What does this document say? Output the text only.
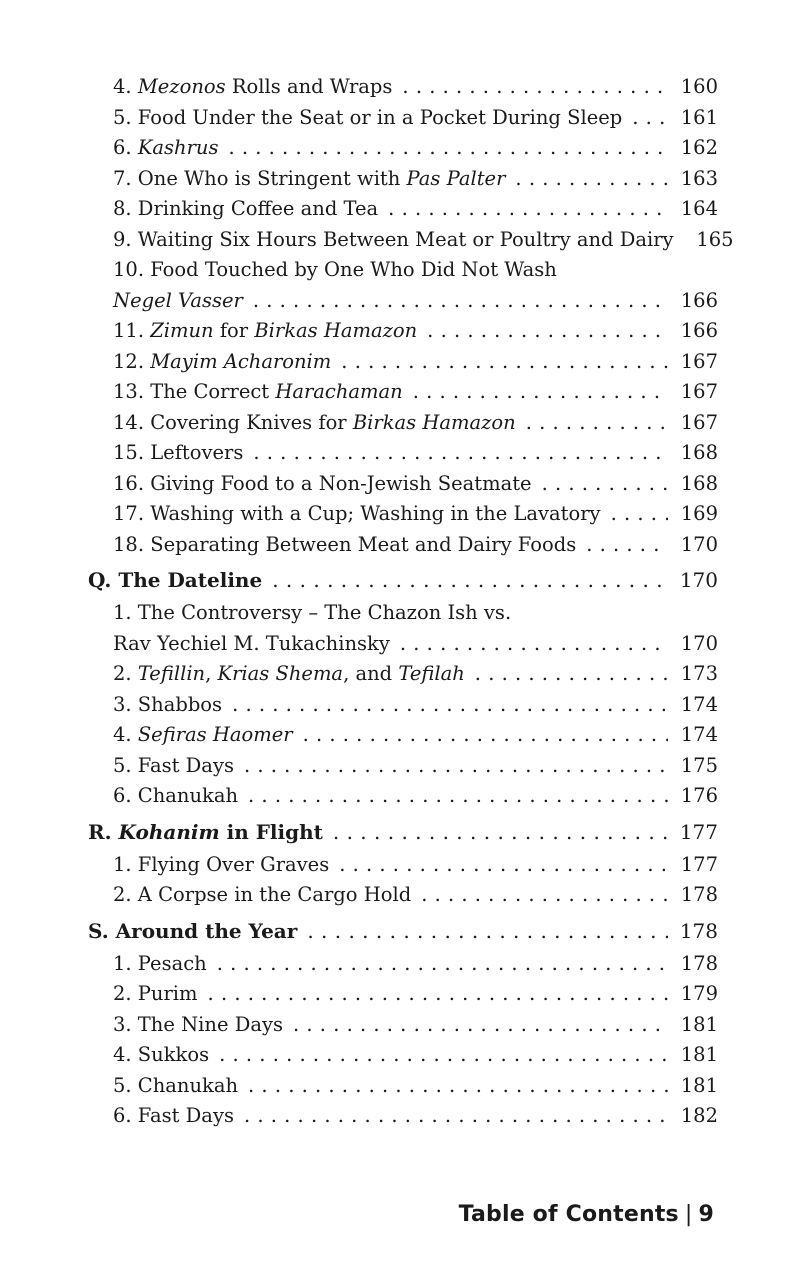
4. Mezonos Rolls and Wraps . . .	160
5. Food Under the Seat or in a Pocket During Sleep . . .	161
6. Kashrus . . .	162
7. One Who is Stringent with Pas Palter . . .	163
8. Drinking Coffee and Tea . . .	164
9. Waiting Six Hours Between Meat or Poultry and Dairy 165
10. Food Touched by One Who Did Not Wash
Negel Vasser . . .	166
11. Zimun for Birkas Hamazon . . .	166
12. Mayim Acharonim . . .	167
13. The Correct Harachaman . . .	167
14. Covering Knives for Birkas Hamazon . . .	167
15. Leftovers . . .	168
16. Giving Food to a Non-Jewish Seatmate . . .	168
17. Washing with a Cup; Washing in the Lavatory . . .	169
18. Separating Between Meat and Dairy Foods . . .	170
Q. The Dateline . . .	170
1. The Controversy – The Chazon Ish vs.
Rav Yechiel M. Tukachinsky . . .	170
2. Tefillin, Krias Shema, and Tefilah . . .	173
3. Shabbos . . .	174
4. Sefiras Haomer . . .	174
5. Fast Days . . .	175
6. Chanukah . . .	176
R. Kohanim in Flight . . .	177
1. Flying Over Graves . . .	177
2. A Corpse in the Cargo Hold . . .	178
S. Around the Year . . .	178
1. Pesach . . .	178
2. Purim . . .	179
3. The Nine Days . . .	181
4. Sukkos . . .	181
5. Chanukah . . .	181
6. Fast Days . . .	182
Table of Contents | 9
